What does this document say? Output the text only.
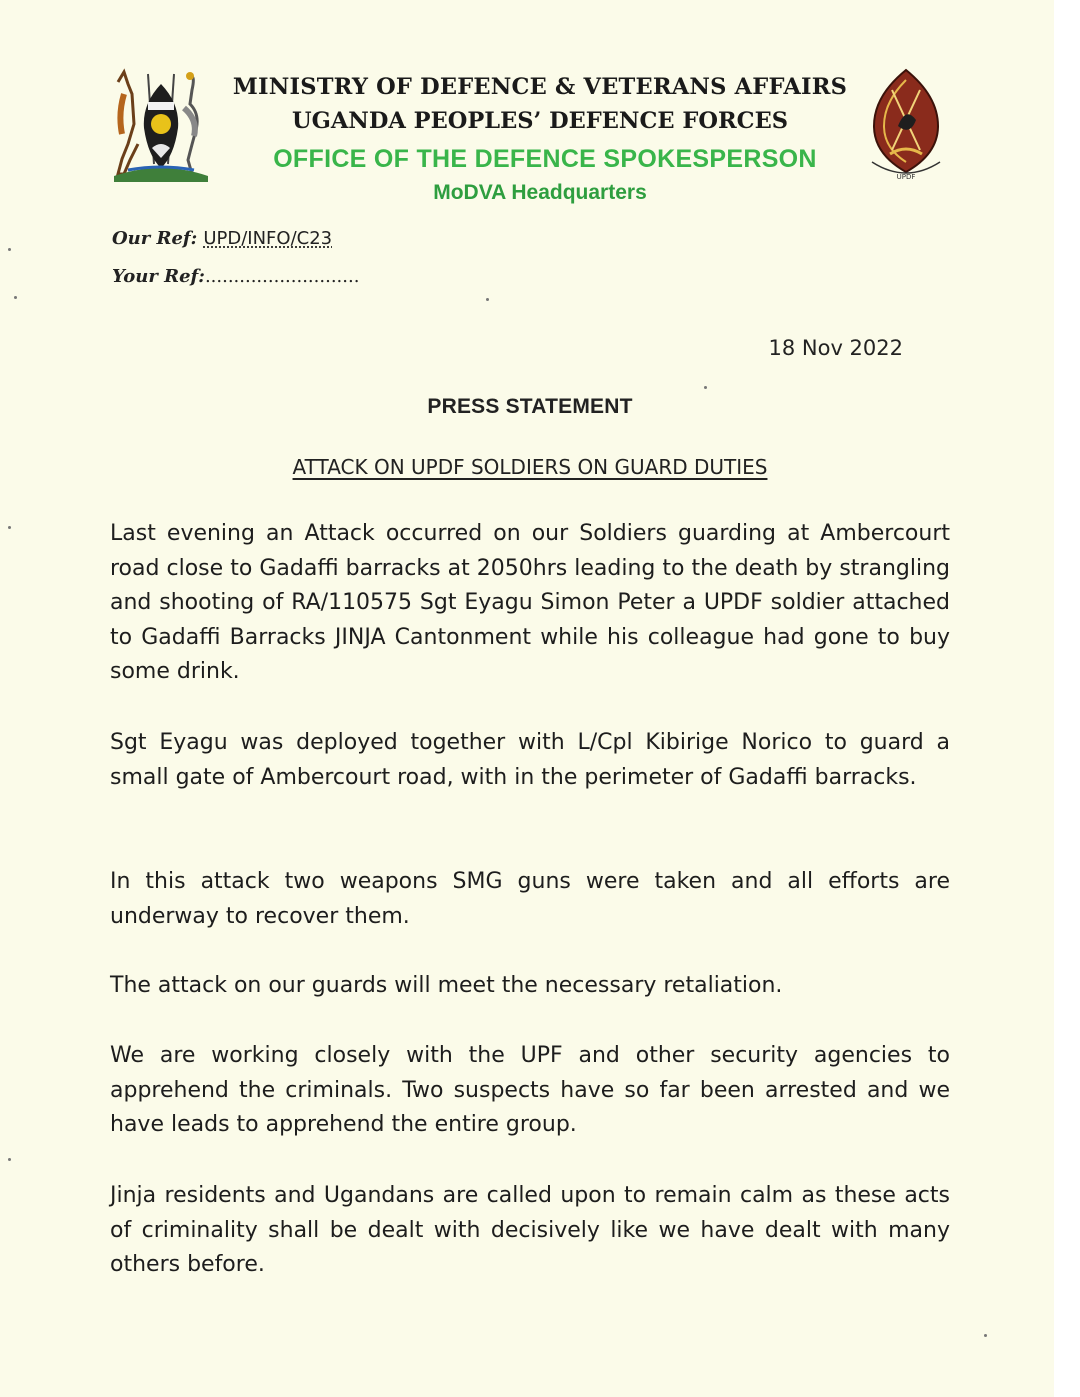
MINISTRY OF DEFENCE & VETERANS AFFAIRS
UGANDA PEOPLES’ DEFENCE FORCES
OFFICE OF THE DEFENCE SPOKESPERSON
MoDVA Headquarters
UPDF
Our Ref: UPD/INFO/C23
Your Ref:...........................
18 Nov 2022
PRESS STATEMENT
ATTACK ON UPDF SOLDIERS ON GUARD DUTIES

Last evening an Attack occurred on our Soldiers guarding at Ambercourt road close to Gadaffi barracks at 2050hrs leading to the death by strangling and shooting of RA/110575 Sgt Eyagu Simon Peter a UPDF soldier attached to Gadaffi Barracks JINJA Cantonment while his colleague had gone to buy some drink.

Sgt Eyagu was deployed together with L/Cpl Kibirige Norico to guard a small gate of Ambercourt road, with in the perimeter of Gadaffi barracks.

In this attack two weapons SMG guns were taken and all efforts are underway to recover them.

The attack on our guards will meet the necessary retaliation.

We are working closely with the UPF and other security agencies to apprehend the criminals. Two suspects have so far been arrested and we have leads to apprehend the entire group.

Jinja residents and Ugandans are called upon to remain calm as these acts of criminality shall be dealt with decisively like we have dealt with many others before.
